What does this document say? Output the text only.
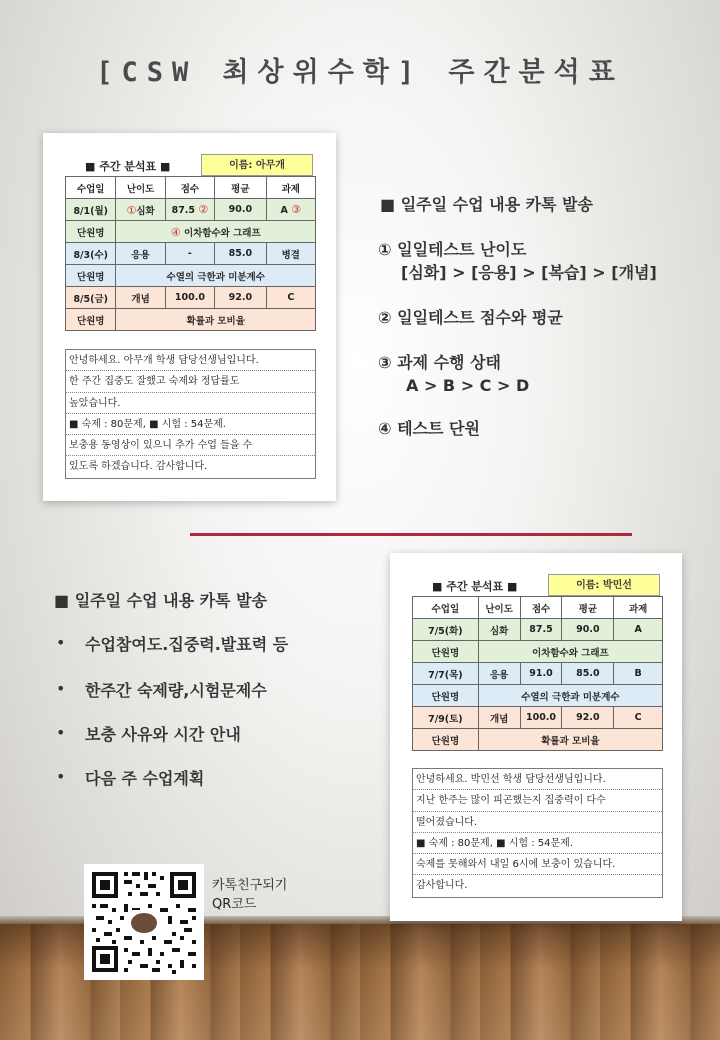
[CSW 최상위수학] 주간분석표
■ 주간 분석표 ■	이름: 아무개
수업일	난이도	점수	평균	과제
8/1(월)	①심화	87.5 ②	90.0	A ③
단원명	④ 이차함수와 그래프			
8/3(수)	응용	-	85.0	병결
단원명	수열의 극한과 미분계수			
8/5(금)	개념	100.0	92.0	C
단원명	확률과 모비율			
안녕하세요. 아무개 학생 담당선생님입니다.
한 주간 집중도 잘했고 숙제와 정답률도
높았습니다.
■ 숙제 : 80문제, ■ 시험 : 54문제.
보충용 동영상이 있으니 추가 수업 들을 수
있도록 하겠습니다. 감사합니다.
■ 일주일 수업 내용 카톡 발송
① 일일테스트 난이도
[심화] > [응용] > [복습] > [개념]
② 일일테스트 점수와 평균
③ 과제 수행 상태
A > B > C > D
④ 테스트 단원
■ 일주일 수업 내용 카톡 발송
• 수업참여도.집중력.발표력 등
• 한주간 숙제량,시험문제수
• 보충 사유와 시간 안내
• 다음 주 수업계획
■ 주간 분석표 ■	이름: 박민선
수업일	난이도	점수	평균	과제
7/5(화)	심화	87.5	90.0	A
단원명	이차함수와 그래프			
7/7(목)	응용	91.0	85.0	B
단원명	수열의 극한과 미분계수			
7/9(토)	개념	100.0	92.0	C
단원명	확률과 모비율			
안녕하세요. 박민선 학생 담당선생님입니다.
지난 한주는 많이 피곤했는지 집중력이 다수
떨어졌습니다.
■ 숙제 : 80문제, ■ 시험 : 54문제.
숙제를 못해와서 내일 6시에 보충이 있습니다.
감사합니다.
카톡친구되기
QR코드
